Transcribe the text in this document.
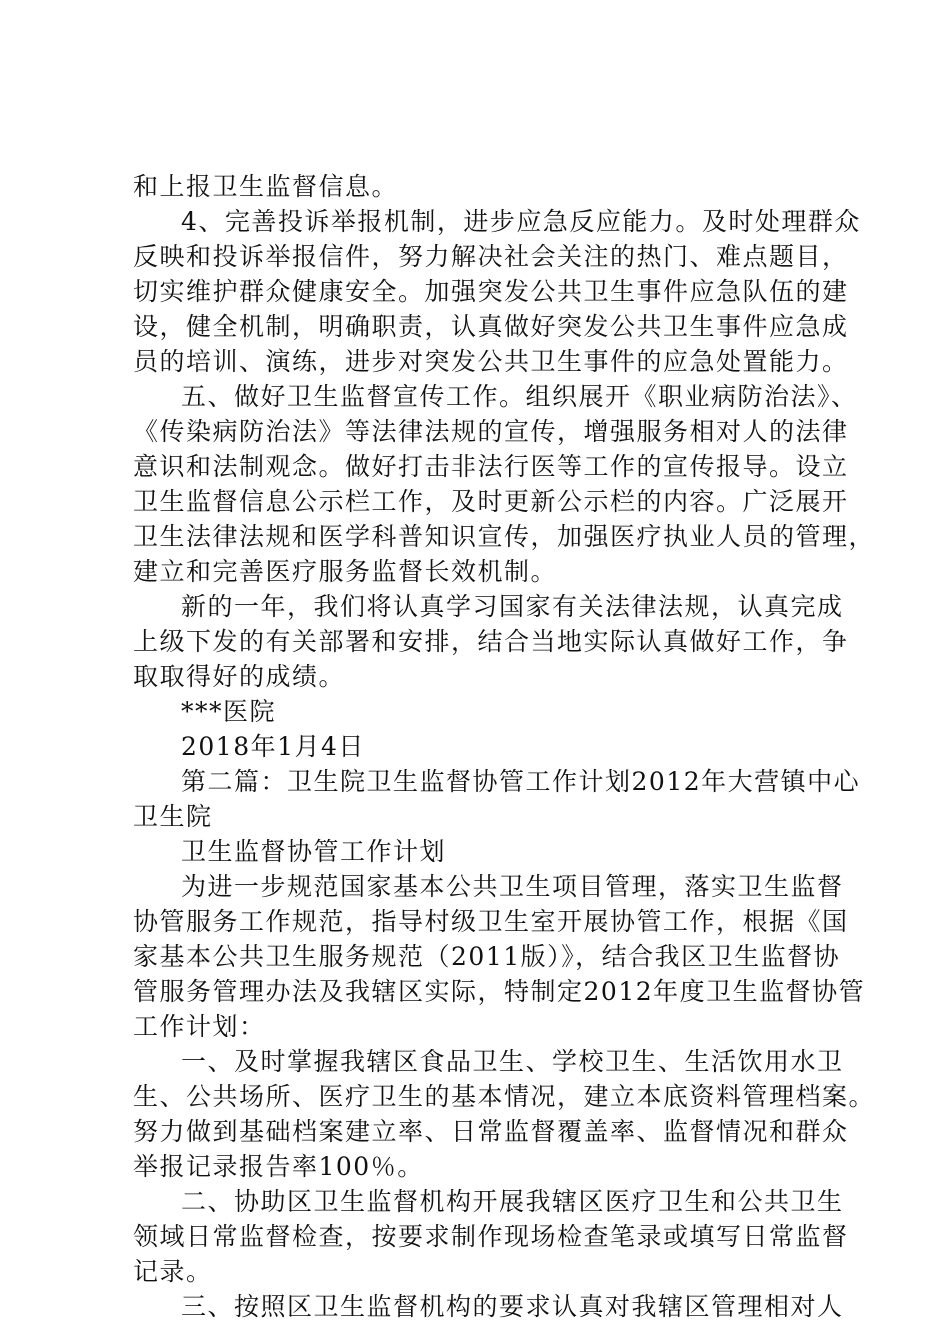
和上报卫生监督信息。
4、完善投诉举报机制，进步应急反应能力。及时处理群众
反映和投诉举报信件，努力解决社会关注的热门、难点题目，
切实维护群众健康安全。加强突发公共卫生事件应急队伍的建
设，健全机制，明确职责，认真做好突发公共卫生事件应急成
员的培训、演练，进步对突发公共卫生事件的应急处置能力。
五、做好卫生监督宣传工作。组织展开《职业病防治法》、
《传染病防治法》等法律法规的宣传，增强服务相对人的法律
意识和法制观念。做好打击非法行医等工作的宣传报导。设立
卫生监督信息公示栏工作，及时更新公示栏的内容。广泛展开
卫生法律法规和医学科普知识宣传，加强医疗执业人员的管理，
建立和完善医疗服务监督长效机制。
新的一年，我们将认真学习国家有关法律法规，认真完成
上级下发的有关部署和安排，结合当地实际认真做好工作，争
取取得好的成绩。
***医院
2018年1月4日
第二篇：卫生院卫生监督协管工作计划2012年大营镇中心
卫生院
卫生监督协管工作计划
为进一步规范国家基本公共卫生项目管理，落实卫生监督
协管服务工作规范，指导村级卫生室开展协管工作，根据《国
家基本公共卫生服务规范（2011版）》，结合我区卫生监督协
管服务管理办法及我辖区实际，特制定2012年度卫生监督协管
工作计划：
一、及时掌握我辖区食品卫生、学校卫生、生活饮用水卫
生、公共场所、医疗卫生的基本情况，建立本底资料管理档案。
努力做到基础档案建立率、日常监督覆盖率、监督情况和群众
举报记录报告率100％。
二、协助区卫生监督机构开展我辖区医疗卫生和公共卫生
领域日常监督检查，按要求制作现场检查笔录或填写日常监督
记录。
三、按照区卫生监督机构的要求认真对我辖区管理相对人
